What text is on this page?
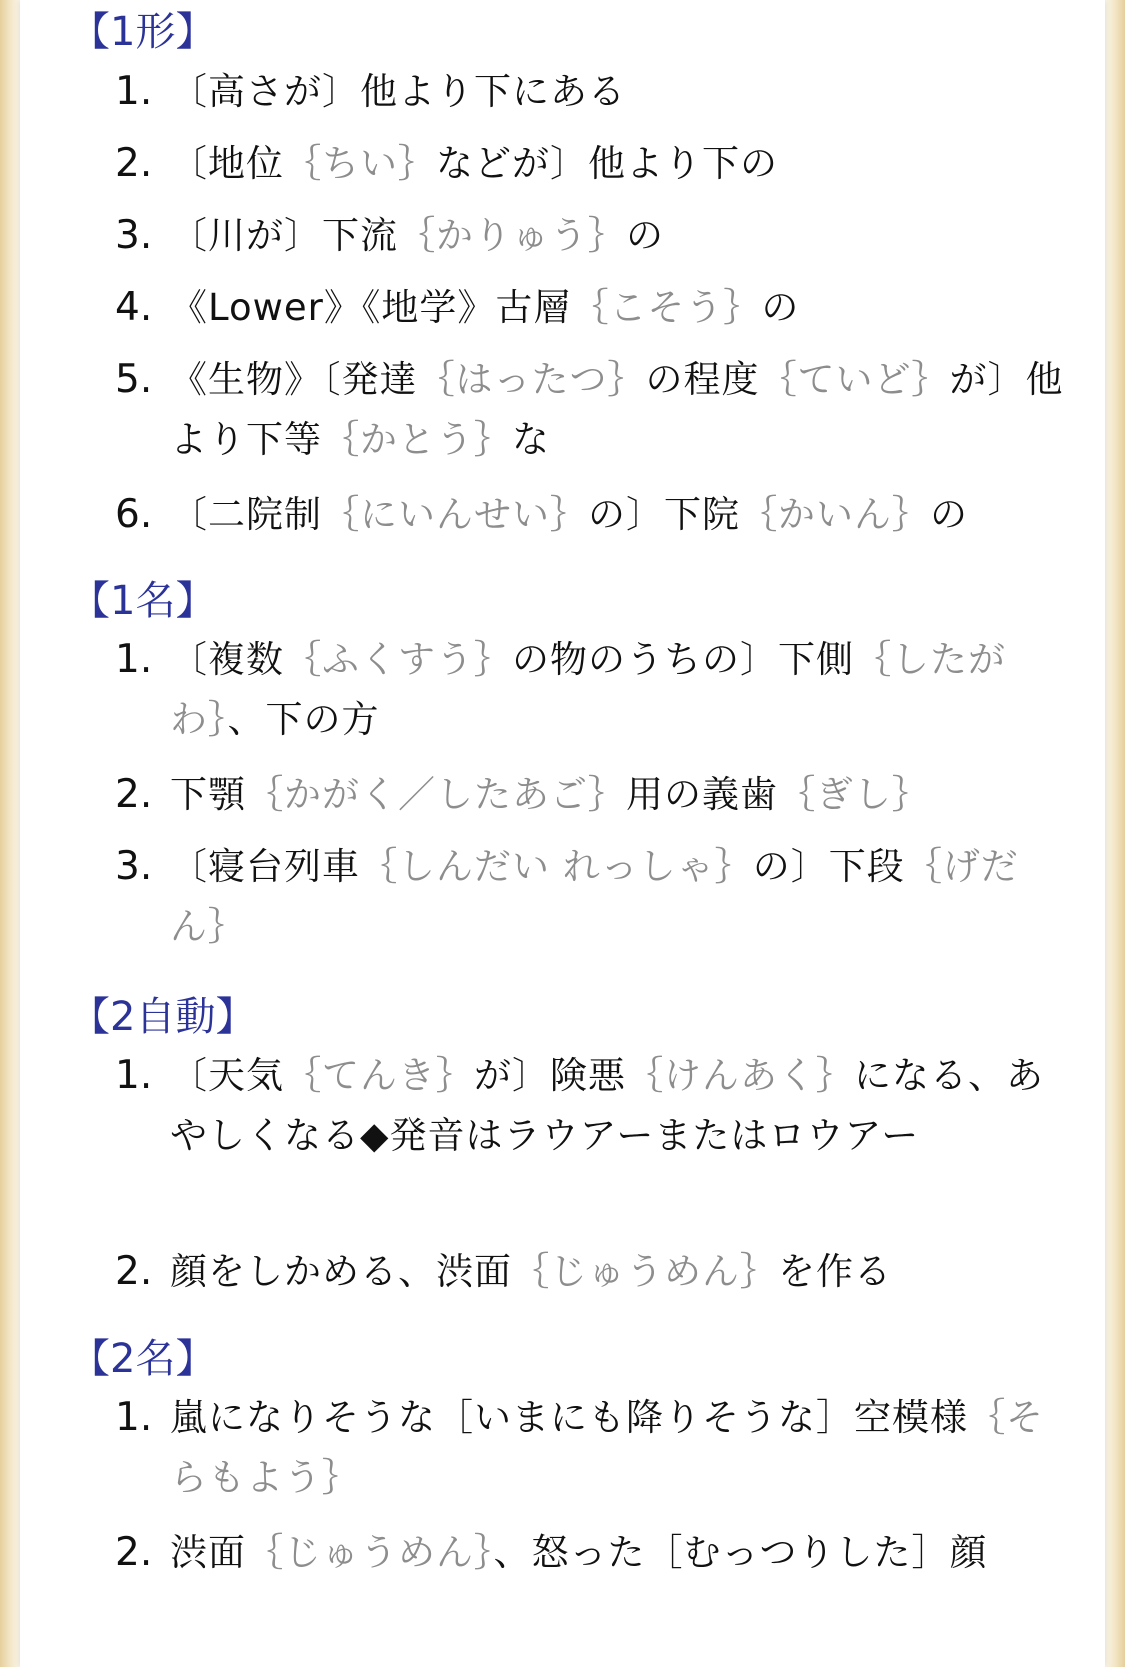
【1形】
1. 〔高さが〕他より下にある
2. 〔地位｛ちい｝などが〕他より下の
3. 〔川が〕下流｛かりゅう｝の
4. 《Lower》《地学》古層｛こそう｝の
5. 《生物》〔発達｛はったつ｝の程度｛ていど｝が〕他より下等｛かとう｝な
6. 〔二院制｛にいんせい｝の〕下院｛かいん｝の
【1名】
1. 〔複数｛ふくすう｝の物のうちの〕下側｛したがわ｝、下の方
2. 下顎｛かがく／したあご｝用の義歯｛ぎし｝
3. 〔寝台列車｛しんだい れっしゃ｝の〕下段｛げだん｝
【2自動】
1. 〔天気｛てんき｝が〕険悪｛けんあく｝になる、あやしくなる◆発音はラウアーまたはロウアー
2. 顔をしかめる、渋面｛じゅうめん｝を作る
【2名】
1. 嵐になりそうな［いまにも降りそうな］空模様｛そらもよう｝
2. 渋面｛じゅうめん｝、怒った［むっつりした］顔
